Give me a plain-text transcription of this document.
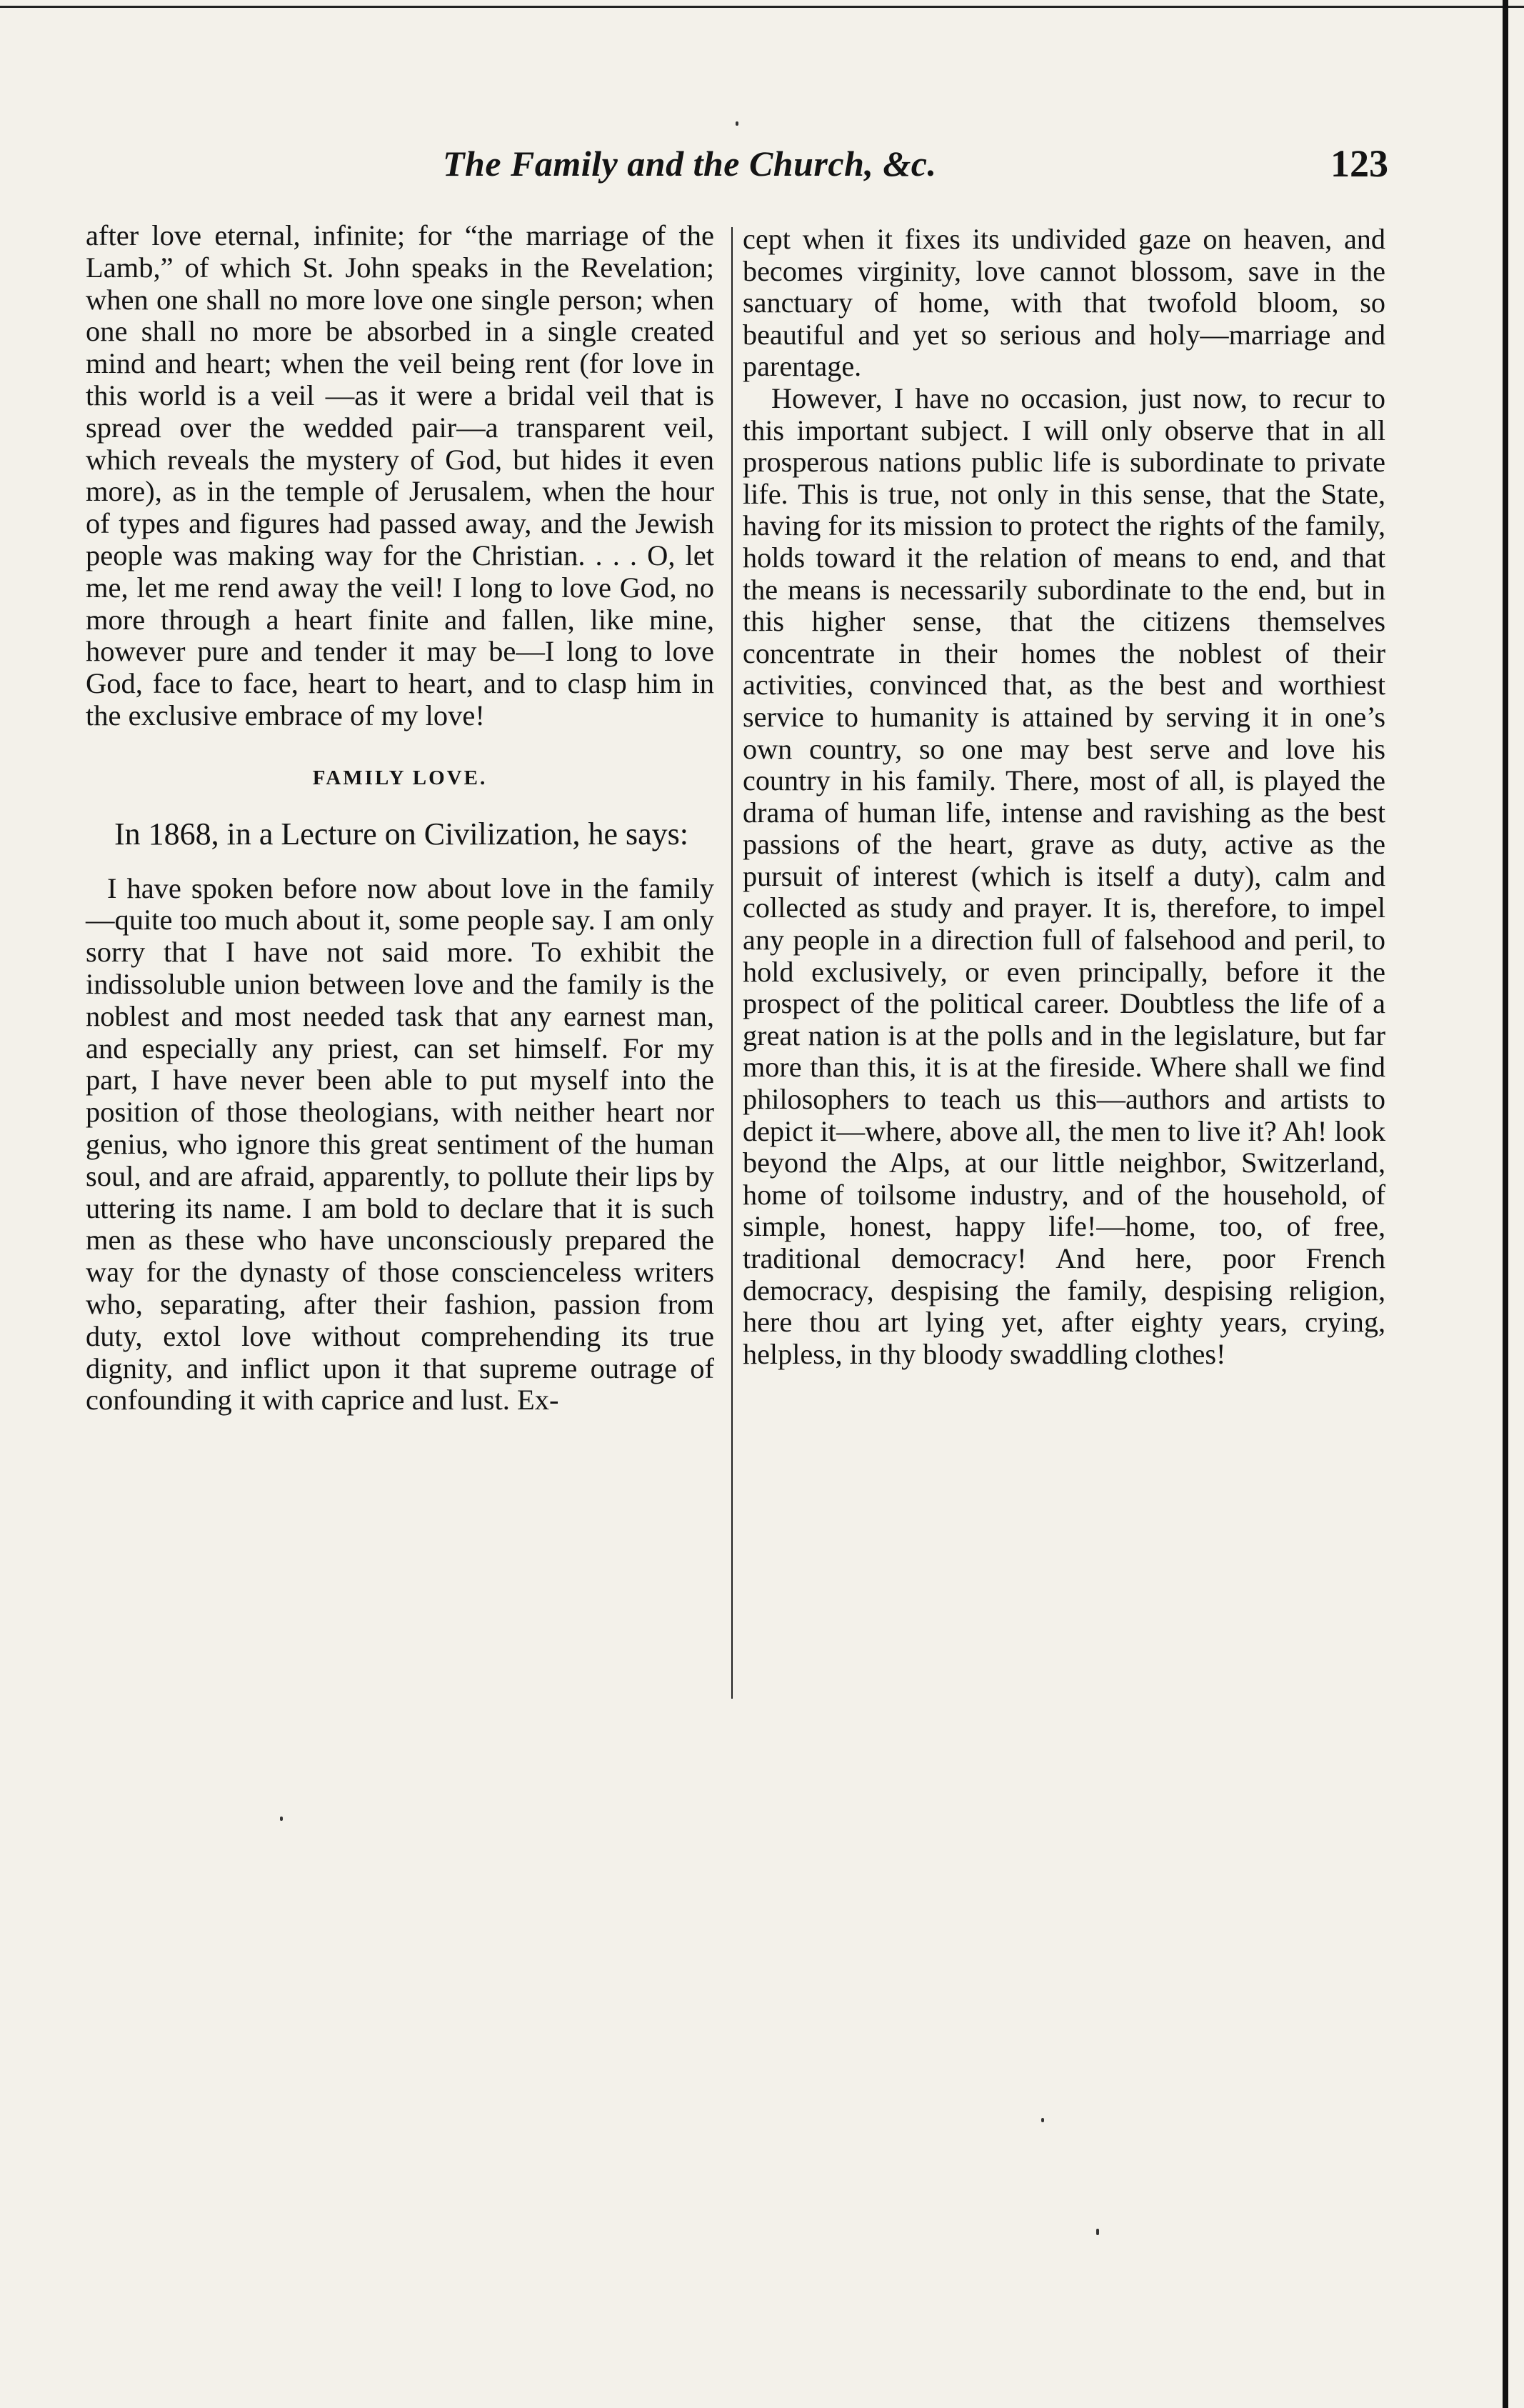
The Family and the Church, &c.	123

after love eternal, infinite; for “the marriage of the Lamb,” of which St. John speaks in the Revelation; when one shall no more love one single person; when one shall no more be absorbed in a single created mind and heart; when the veil being rent (for love in this world is a veil —as it were a bridal veil that is spread over the wedded pair—a transparent veil, which reveals the mystery of God, but hides it even more), as in the temple of Jerusalem, when the hour of types and figures had passed away, and the Jewish people was making way for the Christian. . . . O, let me, let me rend away the veil! I long to love God, no more through a heart finite and fallen, like mine, however pure and tender it may be—I long to love God, face to face, heart to heart, and to clasp him in the exclusive embrace of my love!

FAMILY LOVE.

In 1868, in a Lecture on Civilization, he says:

I have spoken before now about love in the family—quite too much about it, some people say. I am only sorry that I have not said more. To exhibit the indissoluble union between love and the family is the noblest and most needed task that any earnest man, and especially any priest, can set himself. For my part, I have never been able to put myself into the position of those theologians, with neither heart nor genius, who ignore this great sentiment of the human soul, and are afraid, apparently, to pollute their lips by uttering its name. I am bold to declare that it is such men as these who have unconsciously prepared the way for the dynasty of those conscienceless writers who, separating, after their fashion, passion from duty, extol love without comprehending its true dignity, and inflict upon it that supreme outrage of confounding it with caprice and lust. Ex-

cept when it fixes its undivided gaze on heaven, and becomes virginity, love cannot blossom, save in the sanctuary of home, with that twofold bloom, so beautiful and yet so serious and holy—marriage and parentage.

However, I have no occasion, just now, to recur to this important subject. I will only observe that in all prosperous nations public life is subordinate to private life. This is true, not only in this sense, that the State, having for its mission to protect the rights of the family, holds toward it the relation of means to end, and that the means is necessarily subordinate to the end, but in this higher sense, that the citizens themselves concentrate in their homes the noblest of their activities, convinced that, as the best and worthiest service to humanity is attained by serving it in one’s own country, so one may best serve and love his country in his family. There, most of all, is played the drama of human life, intense and ravishing as the best passions of the heart, grave as duty, active as the pursuit of interest (which is itself a duty), calm and collected as study and prayer. It is, therefore, to impel any people in a direction full of falsehood and peril, to hold exclusively, or even principally, before it the prospect of the political career. Doubtless the life of a great nation is at the polls and in the legislature, but far more than this, it is at the fireside. Where shall we find philosophers to teach us this—authors and artists to depict it—where, above all, the men to live it? Ah! look beyond the Alps, at our little neighbor, Switzerland, home of toilsome industry, and of the household, of simple, honest, happy life!—home, too, of free, traditional democracy! And here, poor French democracy, despising the family, despising religion, here thou art lying yet, after eighty years, crying, helpless, in thy bloody swaddling clothes!
